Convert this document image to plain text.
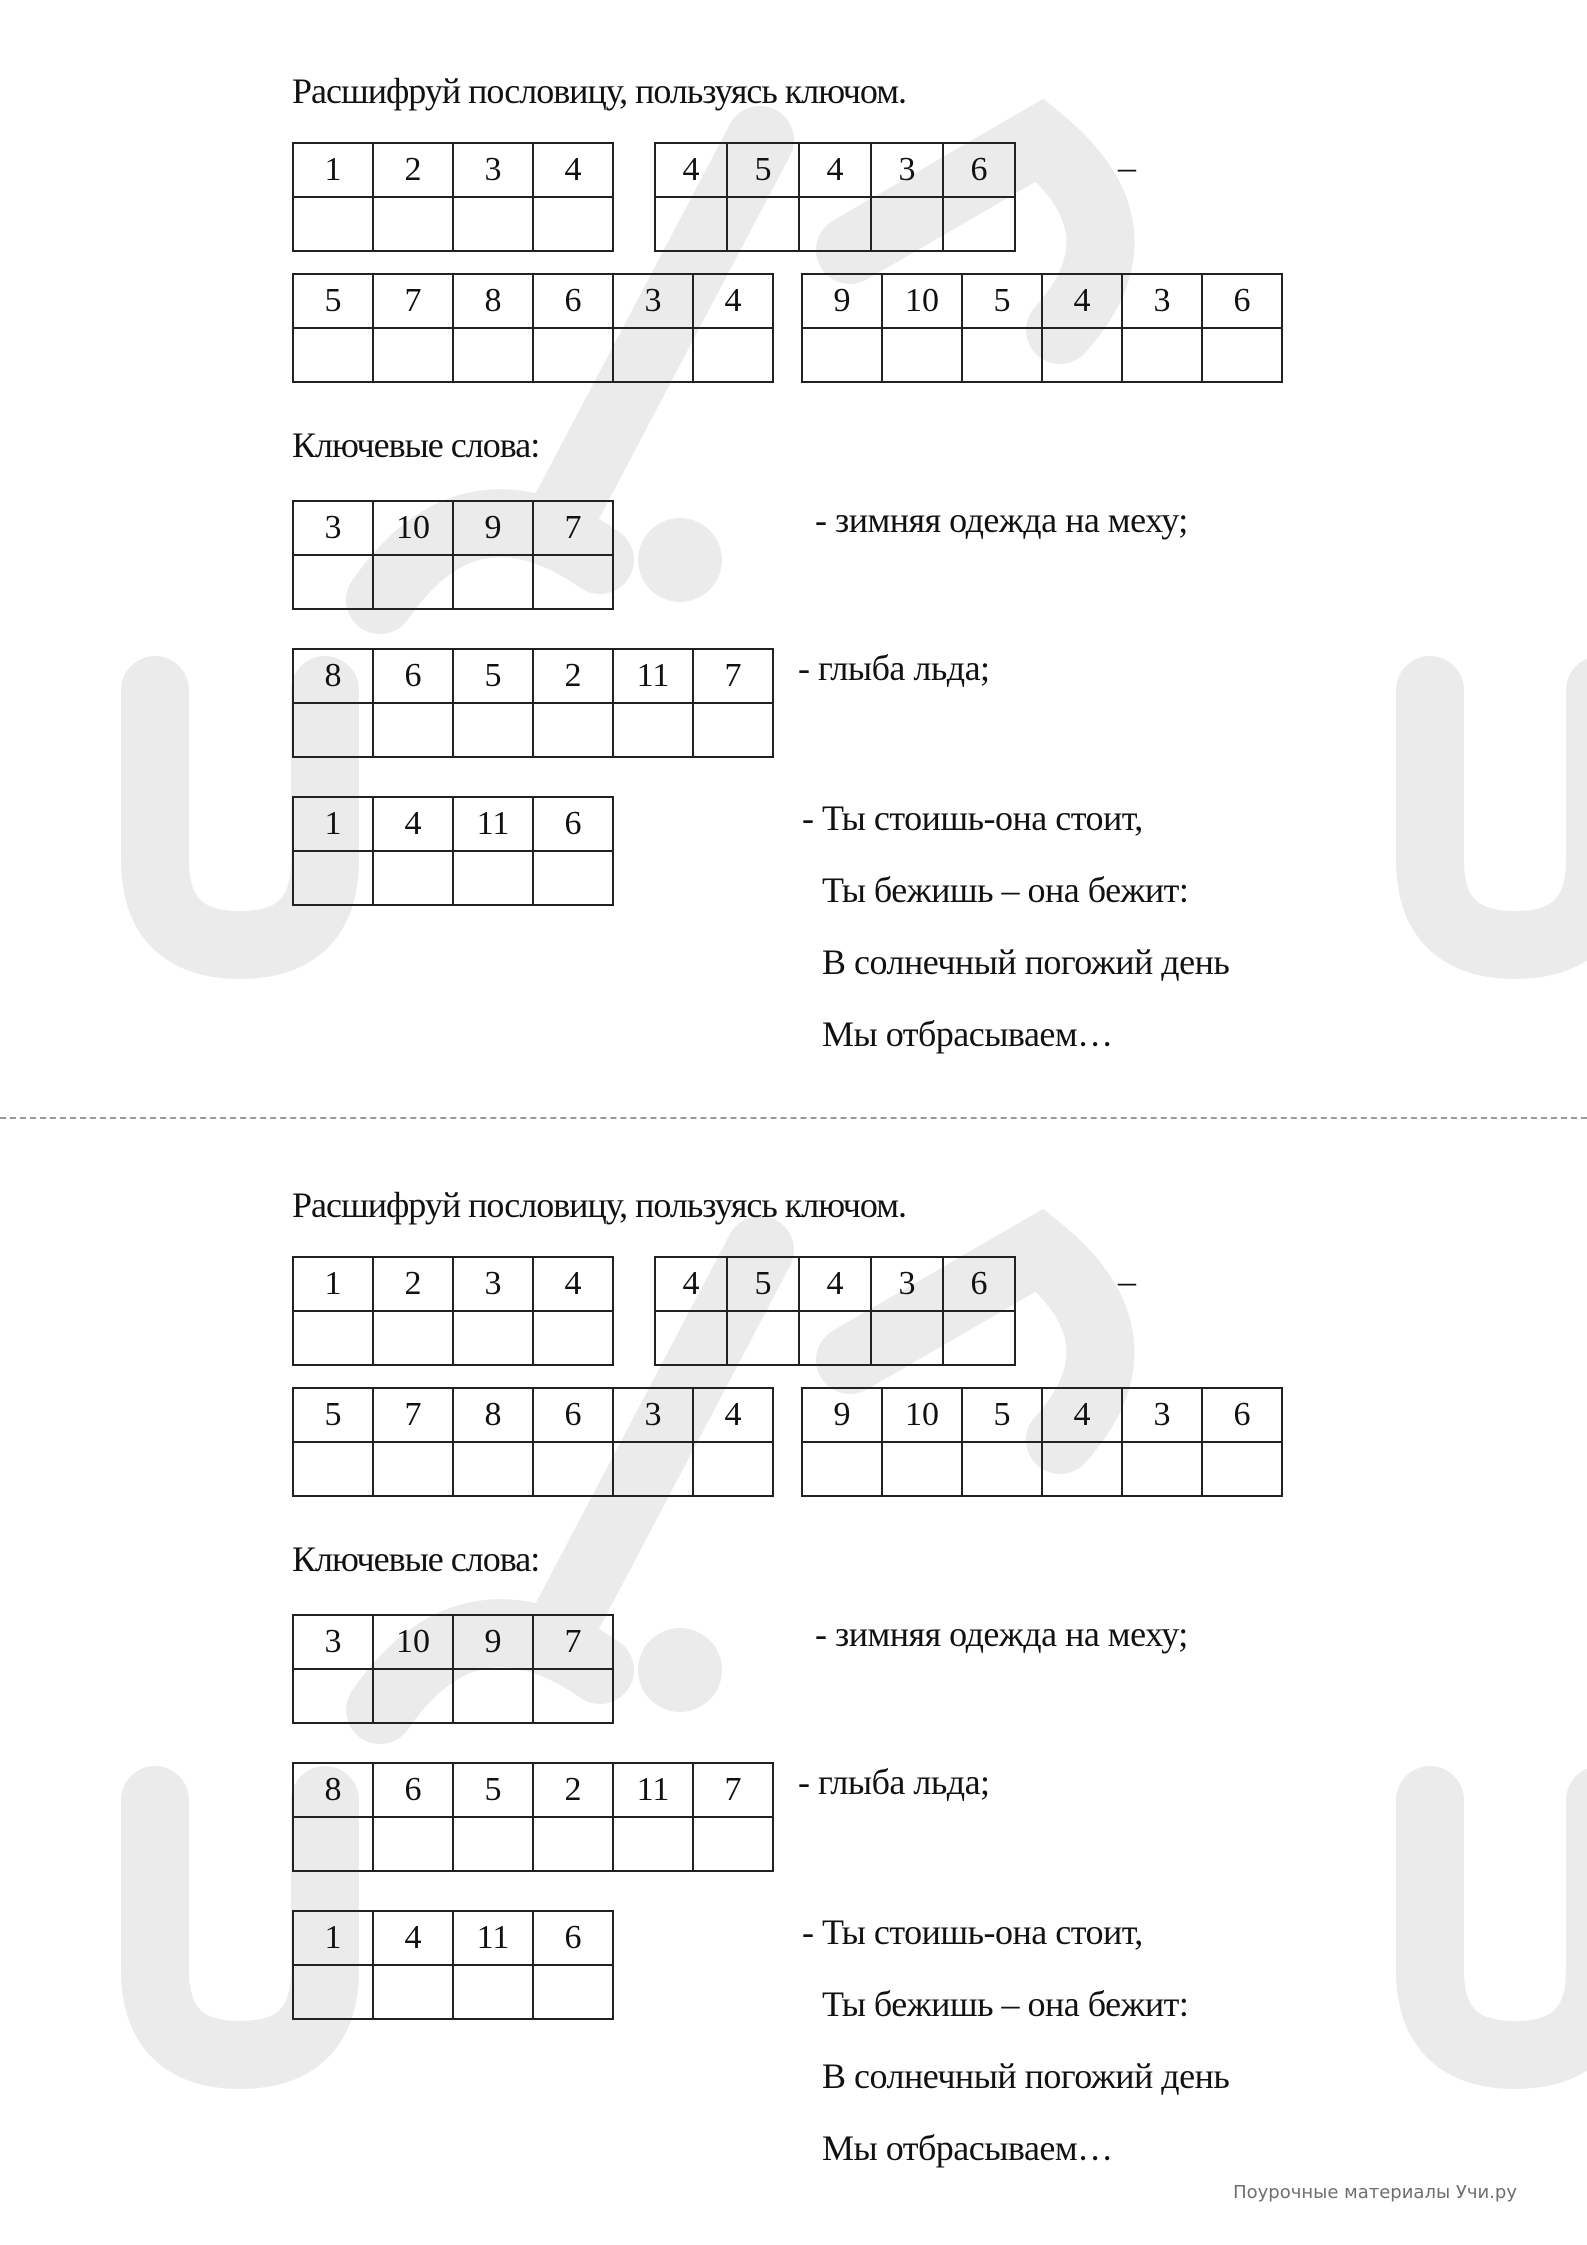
Расшифруй пословицу, пользуясь ключом.
1	2	3	4
				4	5	4	3	6
					–
5	7	8	6	3	4
						9	10	5	4	3	6

Ключевые слова:
3	10	9	7
				- зимняя одежда на меху;
8	6	5	2	11	7
					- глыба льда;
1	4	11	6
				- Ты стоишь-она стоит,
Ты бежишь – она бежит:
В солнечный погожий день
Мы отбрасываем…
Расшифруй пословицу, пользуясь ключом.
1	2	3	4
				4	5	4	3	6
					–
5	7	8	6	3	4
						9	10	5	4	3	6

Ключевые слова:
3	10	9	7
				- зимняя одежда на меху;
8	6	5	2	11	7
					- глыба льда;
1	4	11	6
				- Ты стоишь-она стоит,
Ты бежишь – она бежит:
В солнечный погожий день
Мы отбрасываем…
Поурочные материалы Учи.ру
